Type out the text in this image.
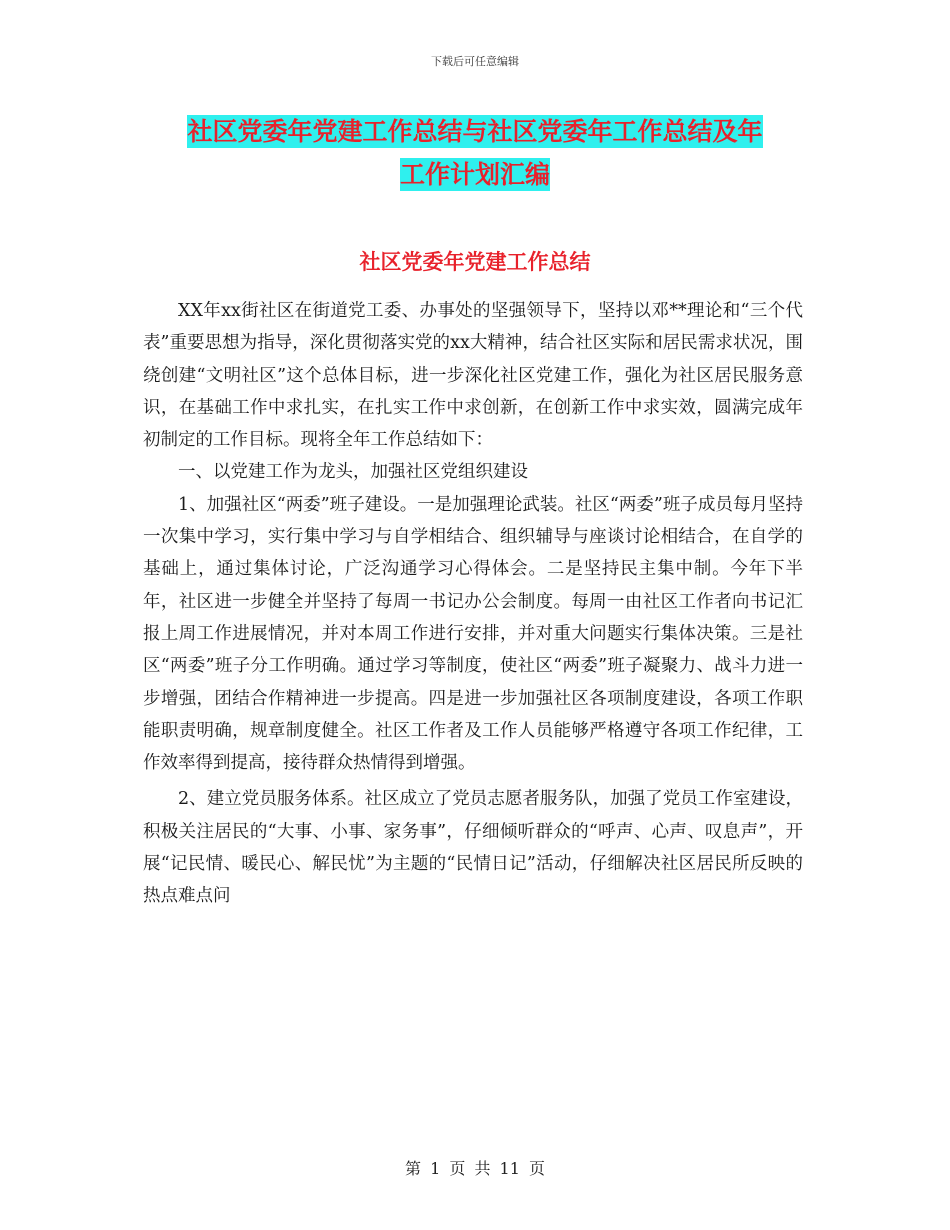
下载后可任意编辑
社区党委年党建工作总结与社区党委年工作总结及年
工作计划汇编
社区党委年党建工作总结

XX年xx街社区在街道党工委、办事处的坚强领导下，坚持以邓**理论和“三个代表”重要思想为指导，深化贯彻落实党的xx大精神，结合社区实际和居民需求状况，围绕创建“文明社区”这个总体目标，进一步深化社区党建工作，强化为社区居民服务意识，在基础工作中求扎实，在扎实工作中求创新，在创新工作中求实效，圆满完成年初制定的工作目标。现将全年工作总结如下：

一、以党建工作为龙头，加强社区党组织建设

1、加强社区“两委”班子建设。一是加强理论武装。社区“两委”班子成员每月坚持一次集中学习，实行集中学习与自学相结合、组织辅导与座谈讨论相结合，在自学的基础上，通过集体讨论，广泛沟通学习心得体会。二是坚持民主集中制。今年下半年，社区进一步健全并坚持了每周一书记办公会制度。每周一由社区工作者向书记汇报上周工作进展情况，并对本周工作进行安排，并对重大问题实行集体决策。三是社区“两委”班子分工作明确。通过学习等制度，使社区“两委”班子凝聚力、战斗力进一步增强，团结合作精神进一步提高。四是进一步加强社区各项制度建设，各项工作职能职责明确，规章制度健全。社区工作者及工作人员能够严格遵守各项工作纪律，工作效率得到提高，接待群众热情得到增强。

2、建立党员服务体系。社区成立了党员志愿者服务队，加强了党员工作室建设，积极关注居民的“大事、小事、家务事”，仔细倾听群众的“呼声、心声、叹息声”，开展“记民情、暖民心、解民忧”为主题的“民情日记”活动，仔细解决社区居民所反映的热点难点问

第 1 页 共 11 页
